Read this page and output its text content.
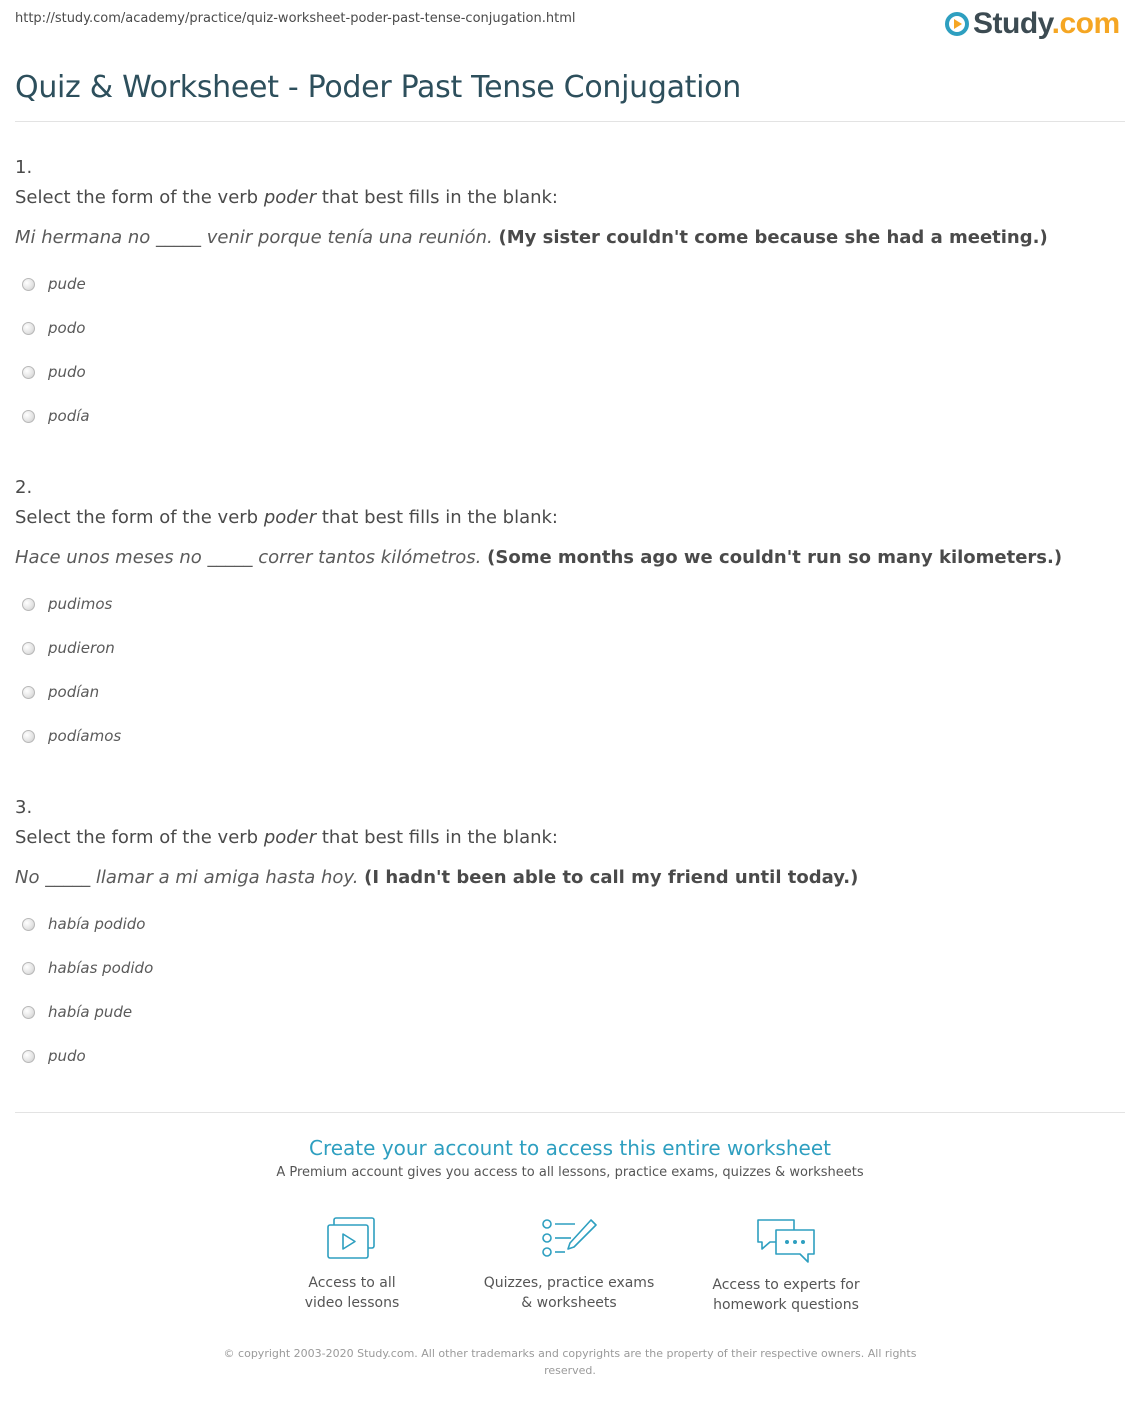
http://study.com/academy/practice/quiz-worksheet-poder-past-tense-conjugation.html	Study.com
Quiz & Worksheet - Poder Past Tense Conjugation
1.
Select the form of the verb poder that best fills in the blank:
Mi hermana no _____ venir porque tenía una reunión. (My sister couldn't come because she had a meeting.)
pude
podo
pudo
podía
2.
Select the form of the verb poder that best fills in the blank:
Hace unos meses no _____ correr tantos kilómetros. (Some months ago we couldn't run so many kilometers.)
pudimos
pudieron
podían
podíamos
3.
Select the form of the verb poder that best fills in the blank:
No _____ llamar a mi amiga hasta hoy. (I hadn't been able to call my friend until today.)
había podido
habías podido
había pude
pudo
Create your account to access this entire worksheet
A Premium account gives you access to all lessons, practice exams, quizzes & worksheets
Access to all
video lessons
Quizzes, practice exams
& worksheets
Access to experts for
homework questions
© copyright 2003-2020 Study.com. All other trademarks and copyrights are the property of their respective owners. All rights reserved.
